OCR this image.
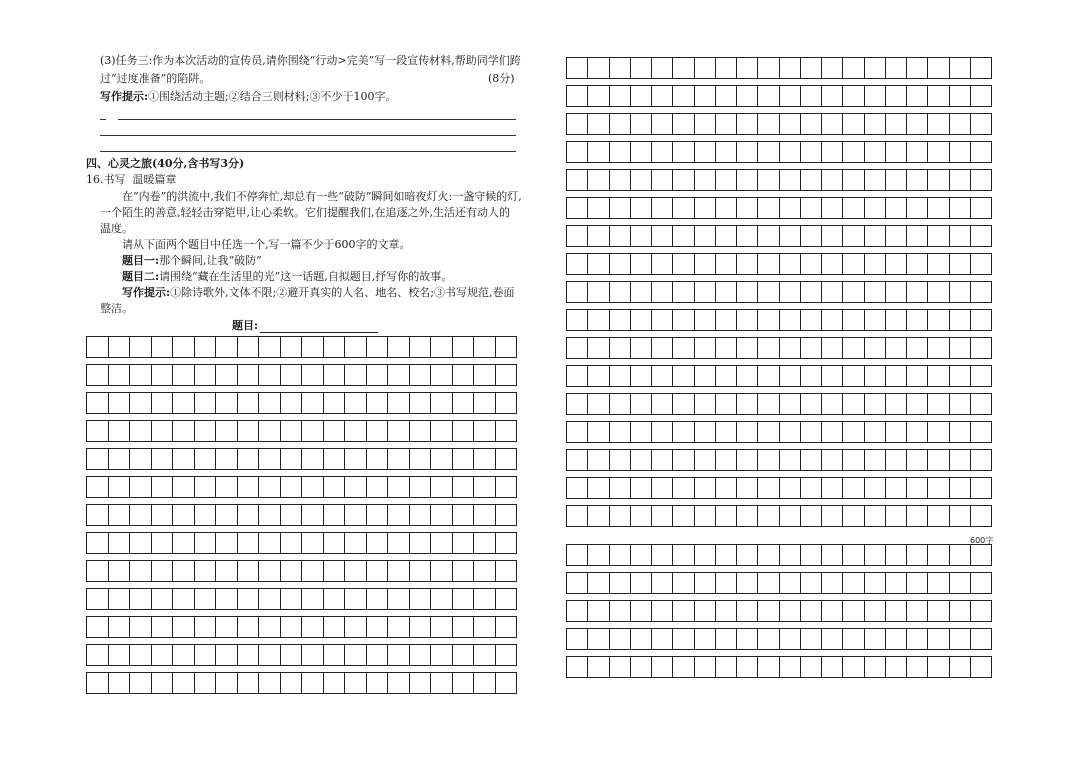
(3)任务三:作为本次活动的宣传员,请你围绕“行动>完美”写一段宣传材料,帮助同学们跨
过“过度准备”的陷阱。	(8分)
写作提示:①围绕活动主题;②结合三则材料;③不少于100字。
四、心灵之旅(40分,含书写3分)
16.书写 温暖篇章
在“内卷”的洪流中,我们不停奔忙,却总有一些“破防”瞬间如暗夜灯火:一盏守候的灯,
一个陌生的善意,轻轻击穿铠甲,让心柔软。它们提醒我们,在追逐之外,生活还有动人的
温度。
请从下面两个题目中任选一个,写一篇不少于600字的文章。
题目一:那个瞬间,让我“破防”
题目二:请围绕“藏在生活里的光”这一话题,自拟题目,抒写你的故事。
写作提示:①除诗歌外,文体不限;②避开真实的人名、地名、校名;③书写规范,卷面
整洁。
题目:
600字
